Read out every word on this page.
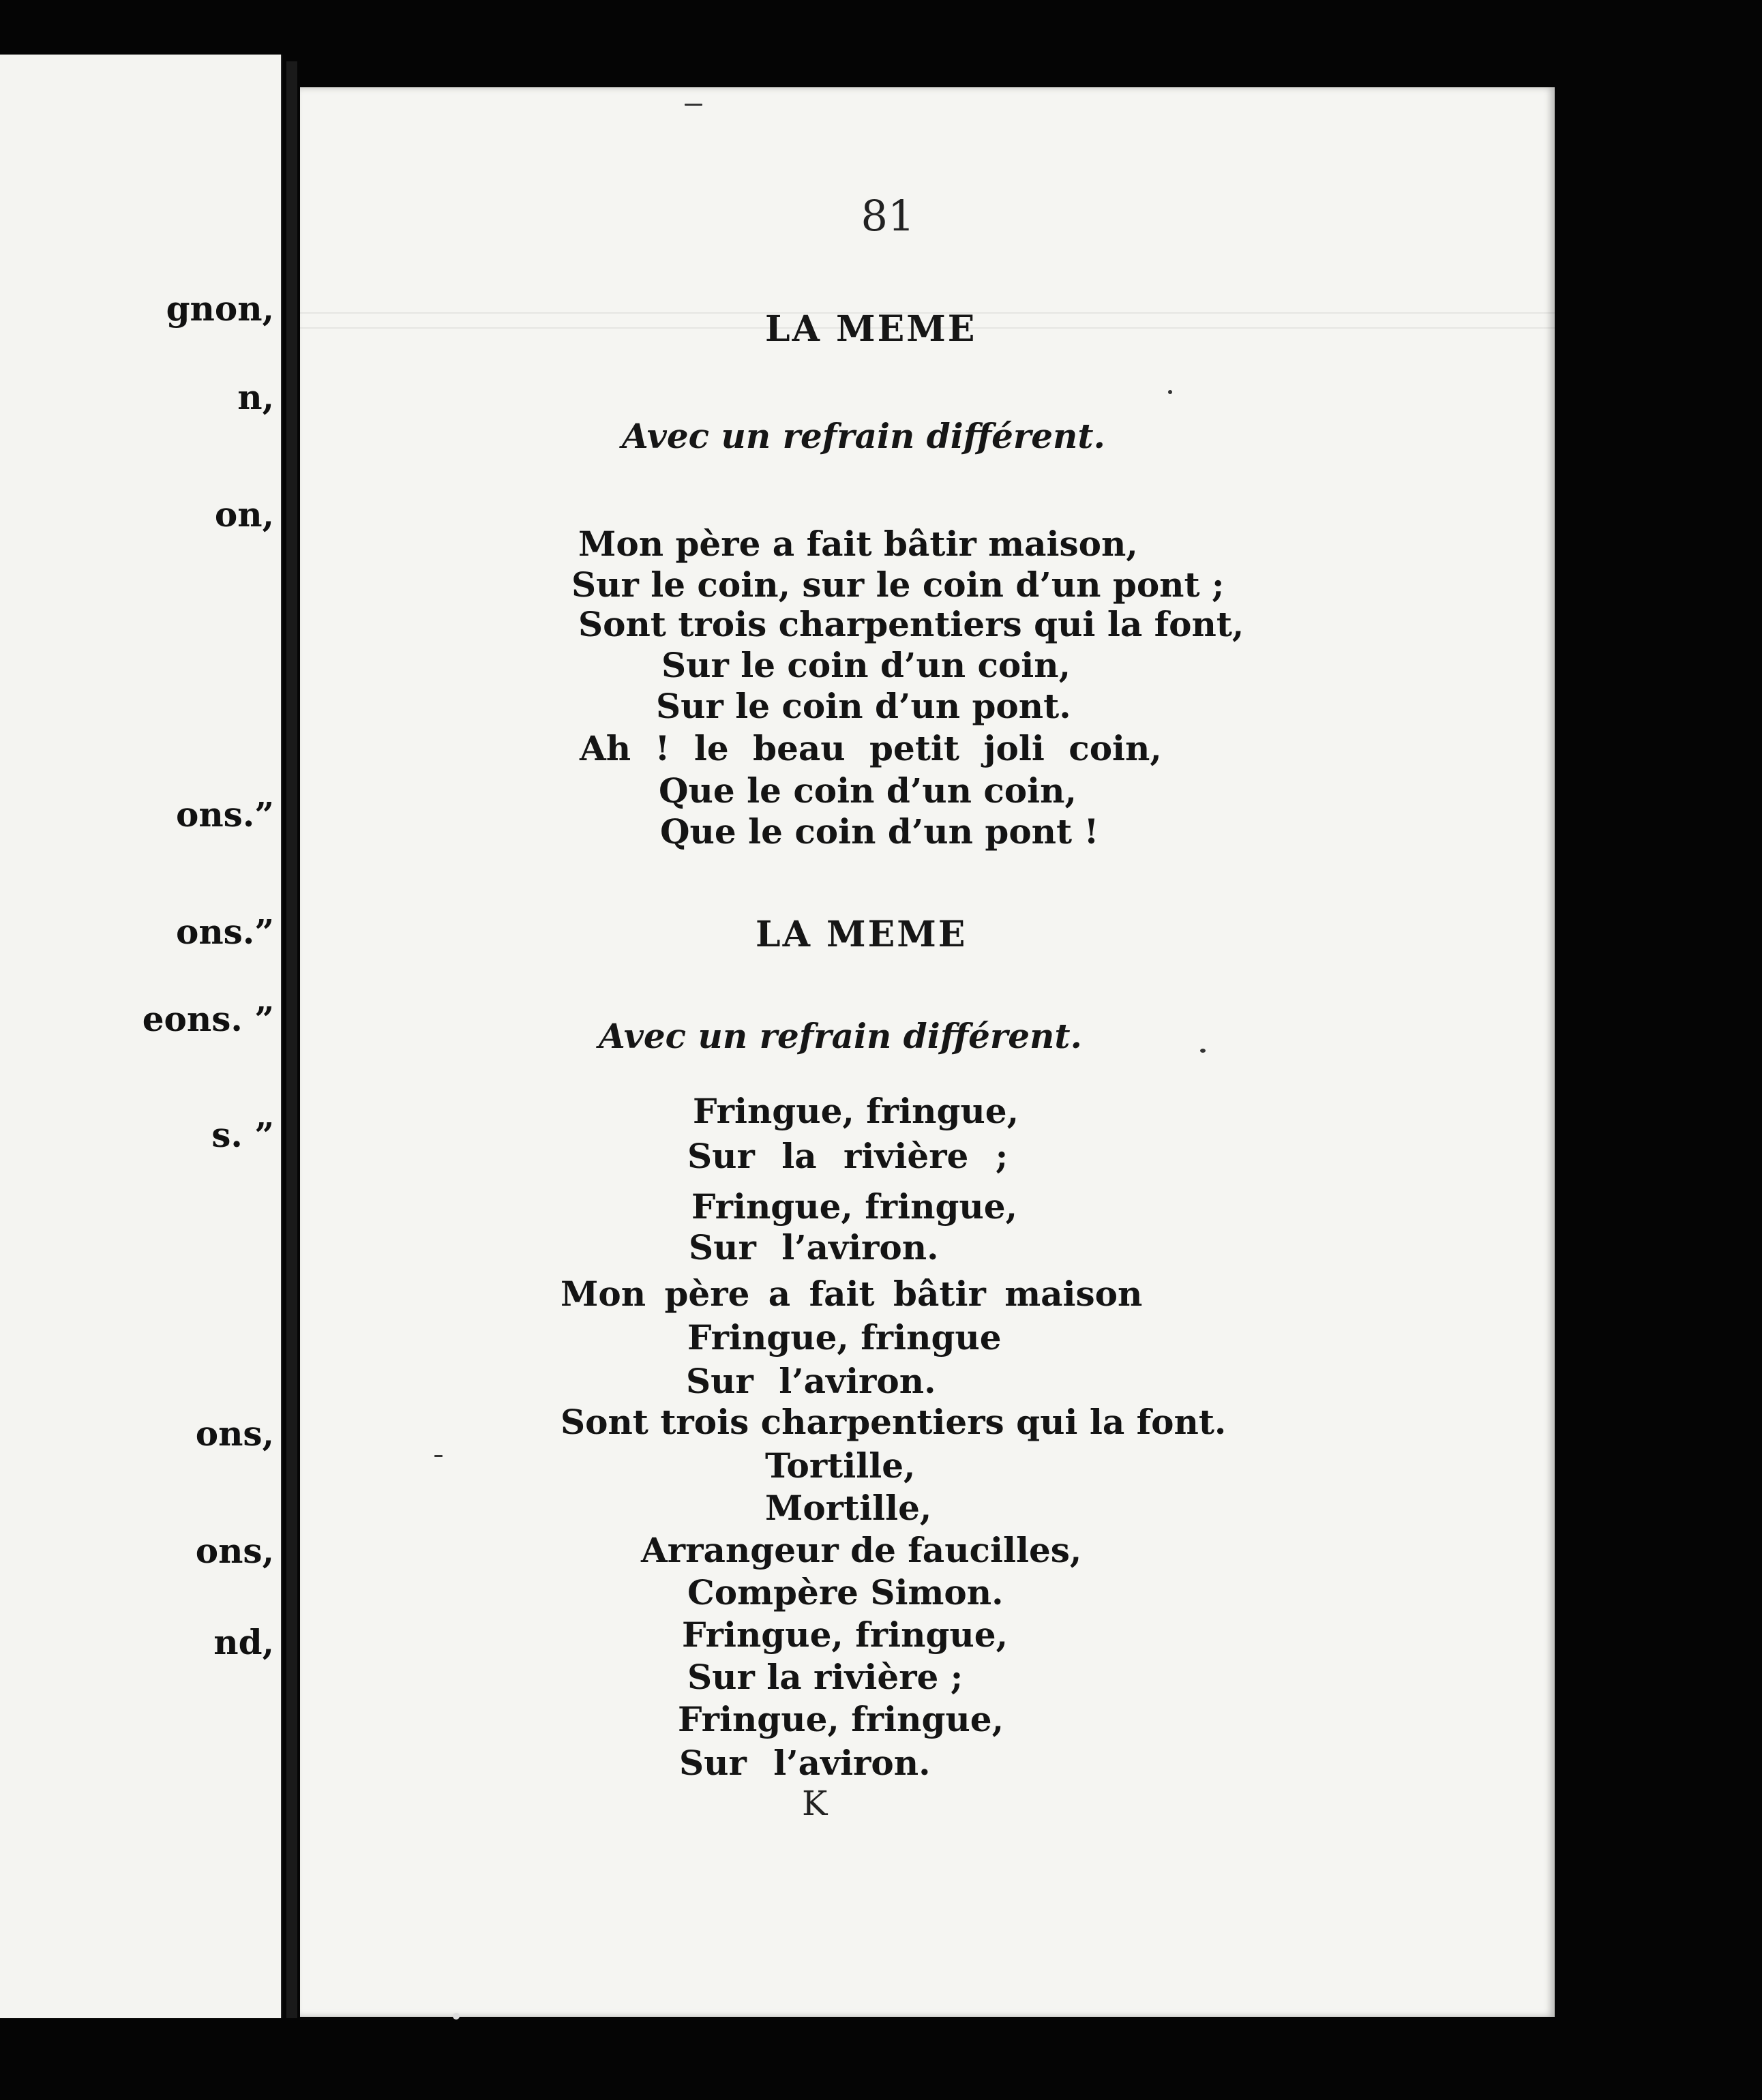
gnon,
n,
on,
ons.”
ons.”
eons. ”
s. ”
ons,
ons,
nd,
81
LA MEME
Avec un refrain différent.
Mon père a fait bâtir maison,
Sur le coin, sur le coin d’un pont ;
Sont trois charpentiers qui la font,
Sur le coin d’un coin,
Sur le coin d’un pont.
Ah ! le beau petit joli coin,
Que le coin d’un coin,
Que le coin d’un pont !
LA MEME
Avec un refrain différent.
Fringue, fringue,
Sur la rivière ;
Fringue, fringue,
Sur l’aviron.
Mon père a fait bâtir maison
Fringue, fringue
Sur l’aviron.
Sont trois charpentiers qui la font.
Tortille,
Mortille,
Arrangeur de faucilles,
Compère Simon.
Fringue, fringue,
Sur la rivière ;
Fringue, fringue,
Sur l’aviron.
K
